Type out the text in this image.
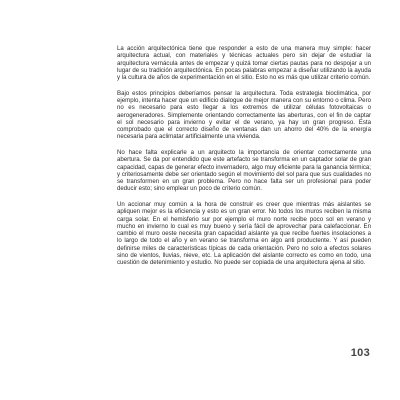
La acción arquitectónica tiene que responder a esto de una manera muy simple: hacer arquitectura actual, con materiales y técnicas actuales pero sin dejar de estudiar la arquitectura vernácula antes de empezar y quizá tomar ciertas pautas para no despojar a un lugar de su tradición arquitectónica. En pocas palabras empezar a diseñar utilizando la ayuda y la cultura de años de experimentación en el sitio. Esto no es más que utilizar criterio común.

Bajo estos principios deberíamos pensar la arquitectura. Toda estrategia bioclimática, por ejemplo, intenta hacer que un edificio dialogue de mejor manera con su entorno o clima. Pero no es necesario para esto llegar a los extremos de utilizar células fotovoltaicas o aerogeneradores. Simplemente orientando correctamente las aberturas, con el fin de captar el sol necesario para invierno y evitar el de verano, ya hay un gran progreso. Esta comprobado que el correcto diseño de ventanas dan un ahorro del 40% de la energía necesaria para aclimatar artificialmente una vivienda.

No hace falta explicarle a un arquitecto la importancia de orientar correctamente una abertura. Se da por entendido que este artefacto se transforma en un captador solar de gran capacidad, capas de generar efecto invernadero, algo muy eficiente para la ganancia térmica; y criteriosamente debe ser orientado según el movimiento del sol para que sus cualidades no se transformen en un gran problema. Pero no hace falta ser un profesional para poder deducir esto; sino emplear un poco de criterio común.

Un accionar muy común a la hora de construir es creer que mientras más aislantes se apliquen mejor es la eficiencia y esto es un gran error. No todos los muros reciben la misma carga solar. En el hemisferio sur por ejemplo el muro norte recibe poco sol en verano y mucho en invierno lo cual es muy bueno y sería fácil de aprovechar para calefaccionar. En cambio el muro oeste necesita gran capacidad aislante ya que recibe fuertes insolaciones a lo largo de todo el año y en verano se transforma en algo anti productente. Y así pueden definirse miles de características típicas de cada orientación. Pero no solo a efectos solares sino de vientos, lluvias, nieve, etc. La aplicación del aislante correcto es como en todo, una cuestión de detenimiento y estudio. No puede ser copiada de una arquitectura ajena al sitio.

103
